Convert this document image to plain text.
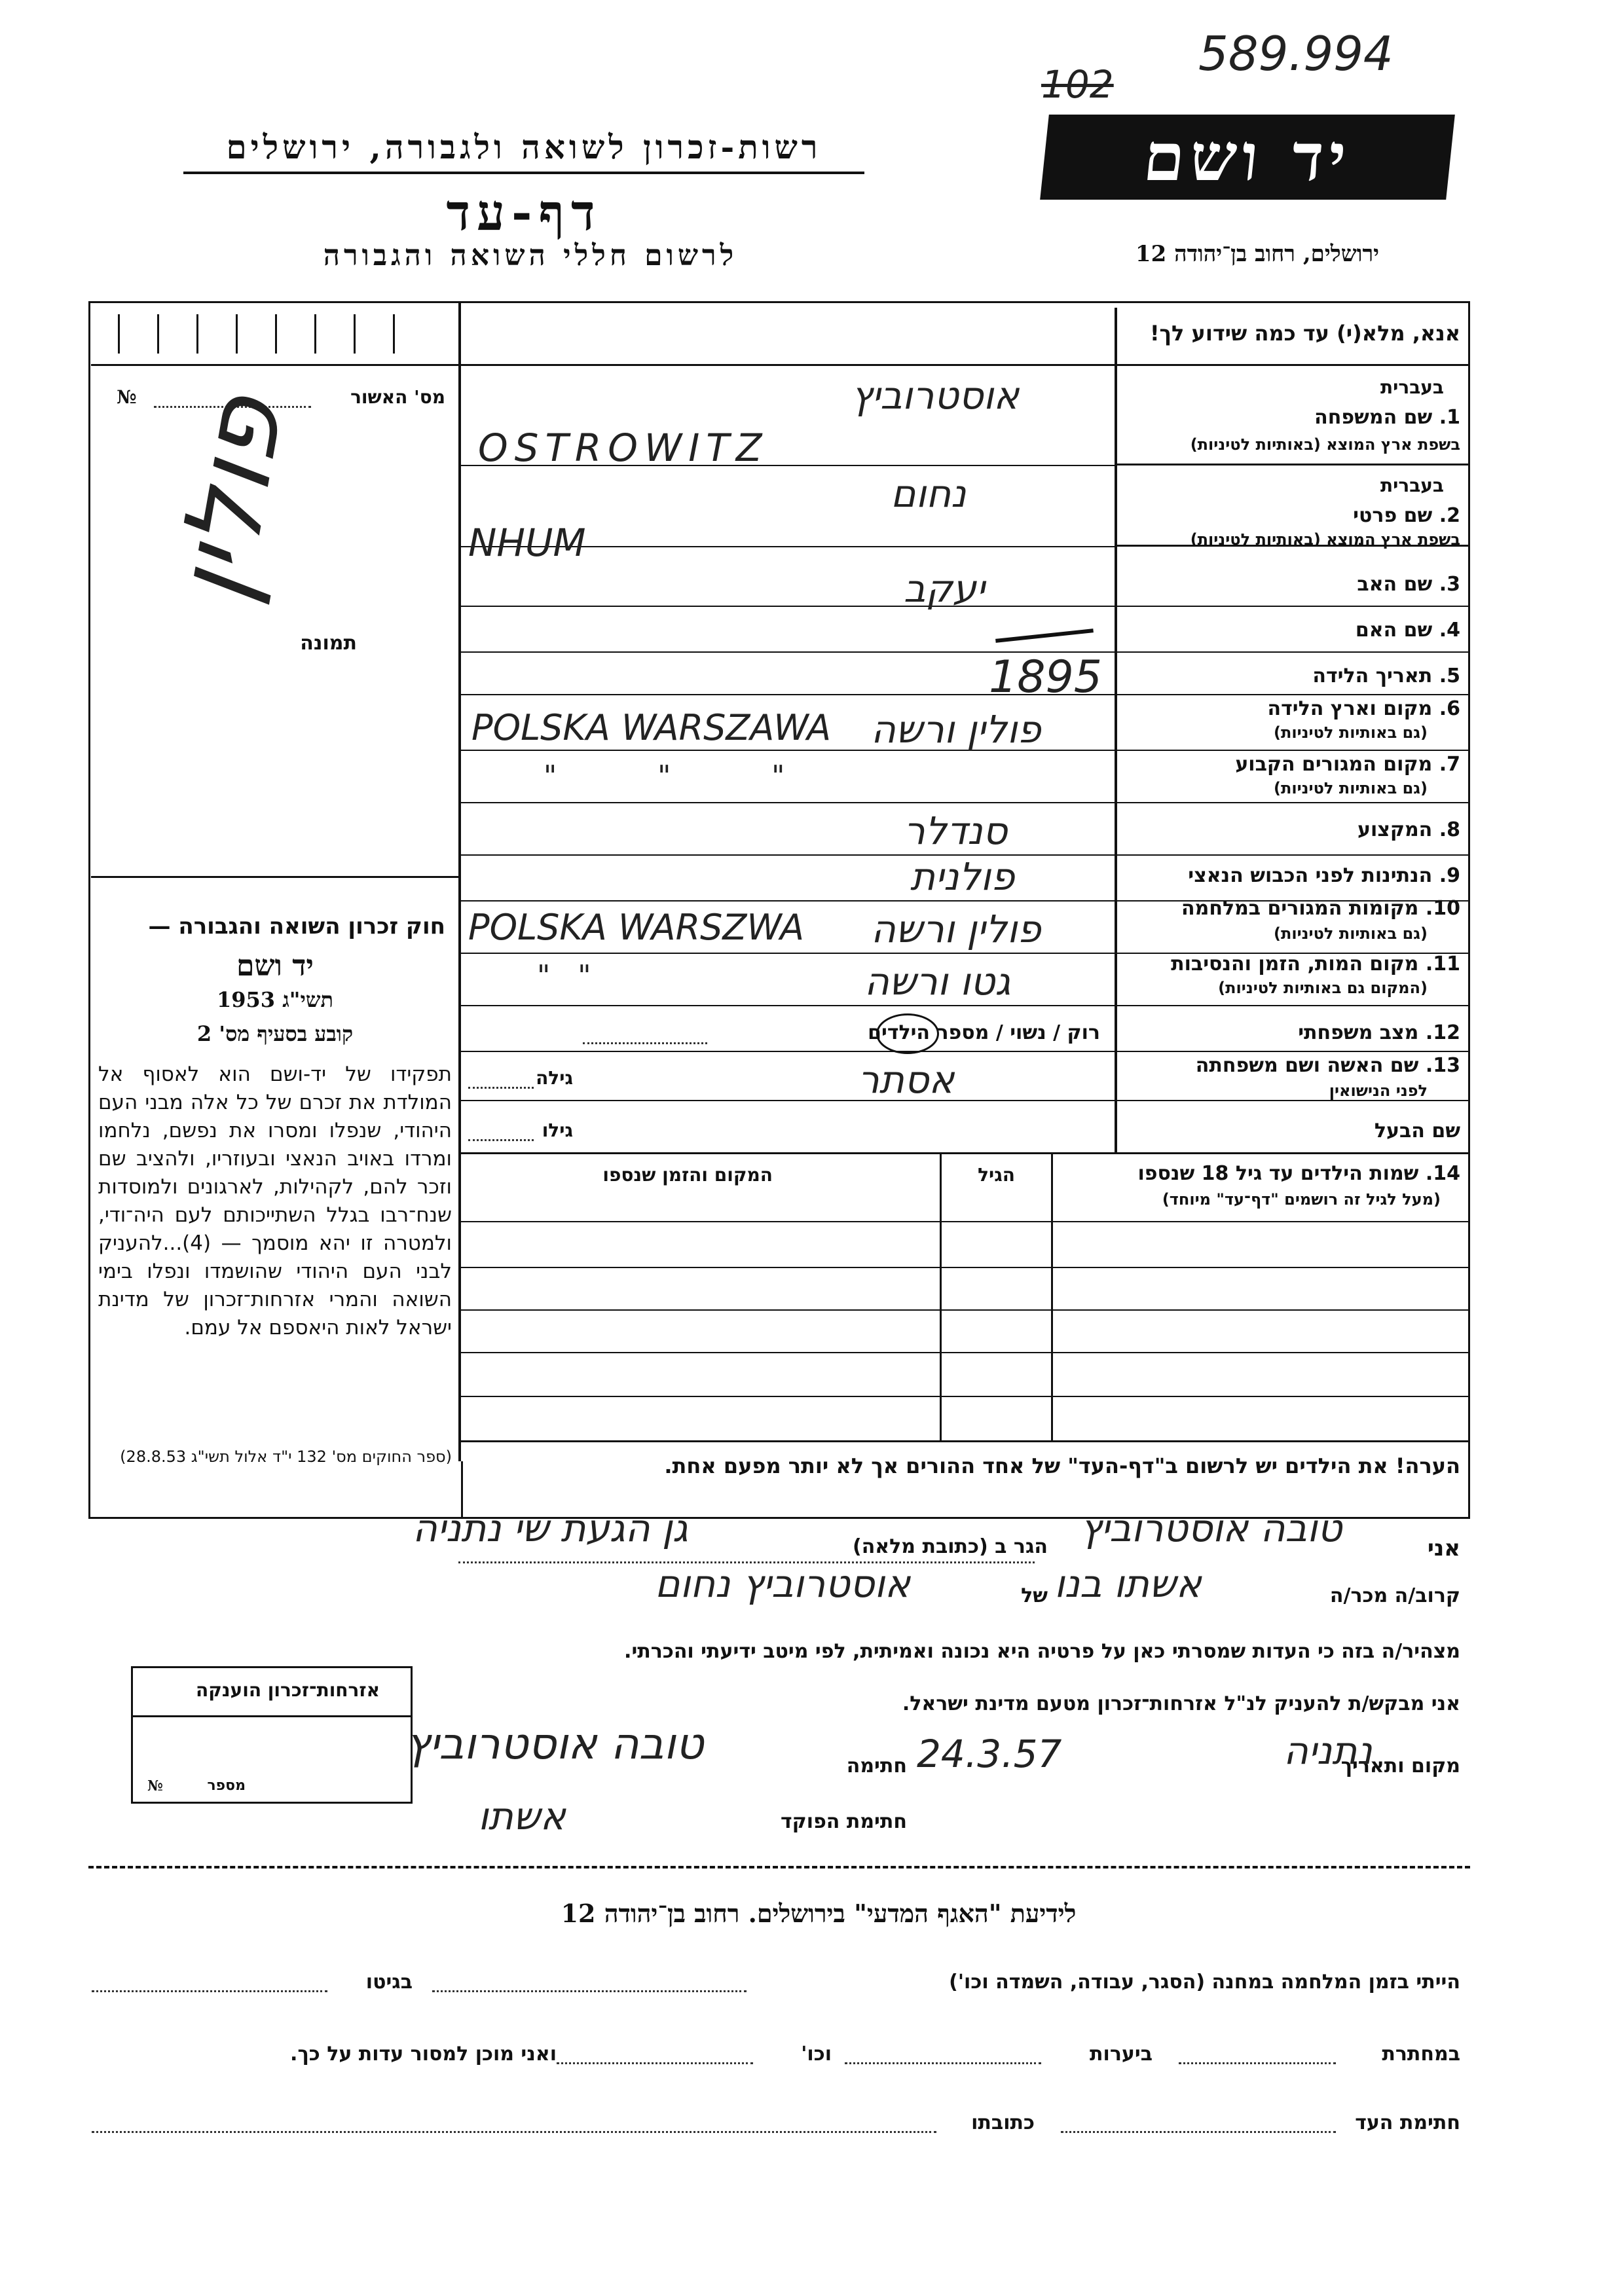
589.994
102
רשות-זכרון לשואה ולגבורה, ירושלים
דף-עד
לרשום חללי השואה והגבורה
יד ושם
ירושלים, רחוב בן־יהודה 12
אנא, מלא(י) עד כמה שידוע לך!
מס' האשור
№
תמונה
פולין
חוק זכרון השואה והגבורה —
יד ושם
תשי"ג 1953
קובע בסעיף מס' 2
תפקידו של יד-ושם הוא לאסוף אל המולדת את זכרם של כל אלה מבני העם היהודי, שנפלו ומסרו את נפשם, נלחמו ומרדו באויב הנאצי ובעוזריו, ולהציב שם וזכר להם, לקהילות, לארגונים ולמוסדות שנח־רבו בגלל השתייכותם לעם היה־ודי, ולמטרה זו יהא מוסמך — (4)...להעניק לבני העם היהודי שהושמדו ונפלו בימי השואה והמרי אזרחות־זכרון של מדינת ישראל לאות היאספם אל עמם.
(ספר החוקים מס' 132 י"ד אלול תשי"ג 28.8.53)
בעברית
1. שם המשפחה
בשפת ארץ המוצא (באותיות לטיניות)
אוסטרוביץ
OSTROWITZ
בעברית
2. שם פרטי
בשפת ארץ המוצא (באותיות לטיניות)
נחום
NHUM
3. שם האב
יעקב
4. שם האם
5. תאריך הלידה
1895
6. מקום וארץ הלידה
(גם באותיות לטיניות)
POLSKA WARSZAWA פולין ורשה
7. מקום המגורים הקבוע
(גם באותיות לטיניות)
"           "           "
8. המקצוע
סנדלר
9. הנתינות לפני הכבוש הנאצי
פולנית
10. מקומות המגורים במלחמה
(גם באותיות לטיניות)
POLSKA WARSZWA פולין ורשה
11. מקום המות, הזמן והנסיבות
(המקום גם באותיות לטיניות)
"   "	גטו ורשה
12. מצב משפחתי
רוק / נשוי / מספר הילדים
13. שם האשה ושם משפחתה
לפני הנישואין
אסתר
גילה
שם הבעל
גילו
14. שמות הילדים עד גיל 18 שנספו
(מעל לגיל זה רושמים "דף־עד" מיוחד)
הגיל
המקום והזמן שנספו
הערה! את הילדים יש לרשום ב"דף-העד" של אחד ההורים אך לא יותר מפעם אחת.
אני
טובה אוסטרוביץ
הגר ב (כתובת מלאה)
גן הגעת שי נתניה
קרוב/ה מכר/ה
אשתו בנו
של
אוסטרוביץ נחום
מצהיר/ה בזה כי העדות שמסרתי כאן על פרטיה היא נכונה ואמיתית, לפי מיטב ידיעתי והכרתי.
אני מבקש/ת להעניק לנ"ל אזרחות־זכרון מטעם מדינת ישראל.
אזרחות־זכרון הוענקה
מספר
№
מקום ותאריך
נתניה
24.3.57
חתימה
טובה אוסטרוביץ
חתימת הפוקד
אשתו
לידיעת "האגף המדעי" בירושלים. רחוב בן־יהודה 12
הייתי בזמן המלחמה במחנה (הסגר, עבודה, השמדה וכו')
בגיטו
במחתרת
ביערות
וכו'
ואני מוכן למסור עדות על כך.
חתימת העד
כתובתו
